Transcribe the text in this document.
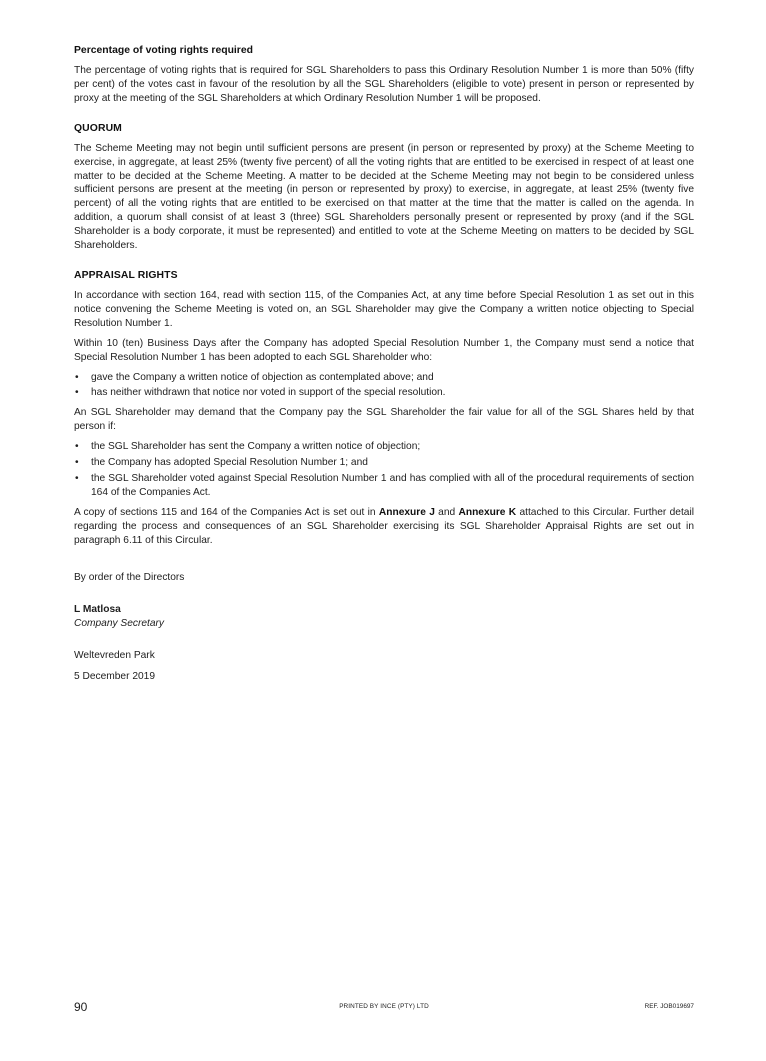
Percentage of voting rights required

The percentage of voting rights that is required for SGL Shareholders to pass this Ordinary Resolution Number 1 is more than 50% (fifty per cent) of the votes cast in favour of the resolution by all the SGL Shareholders (eligible to vote) present in person or represented by proxy at the meeting of the SGL Shareholders at which Ordinary Resolution Number 1 will be proposed.

QUORUM

The Scheme Meeting may not begin until sufficient persons are present (in person or represented by proxy) at the Scheme Meeting to exercise, in aggregate, at least 25% (twenty five percent) of all the voting rights that are entitled to be exercised in respect of at least one matter to be decided at the Scheme Meeting. A matter to be decided at the Scheme Meeting may not begin to be considered unless sufficient persons are present at the meeting (in person or represented by proxy) to exercise, in aggregate, at least 25% (twenty five percent) of all the voting rights that are entitled to be exercised on that matter at the time that the matter is called on the agenda. In addition, a quorum shall consist of at least 3 (three) SGL Shareholders personally present or represented by proxy (and if the SGL Shareholder is a body corporate, it must be represented) and entitled to vote at the Scheme Meeting on matters to be decided by SGL Shareholders.

APPRAISAL RIGHTS

In accordance with section 164, read with section 115, of the Companies Act, at any time before Special Resolution 1 as set out in this notice convening the Scheme Meeting is voted on, an SGL Shareholder may give the Company a written notice objecting to Special Resolution Number 1.

Within 10 (ten) Business Days after the Company has adopted Special Resolution Number 1, the Company must send a notice that Special Resolution Number 1 has been adopted to each SGL Shareholder who:

• gave the Company a written notice of objection as contemplated above; and
• has neither withdrawn that notice nor voted in support of the special resolution.

An SGL Shareholder may demand that the Company pay the SGL Shareholder the fair value for all of the SGL Shares held by that person if:

• the SGL Shareholder has sent the Company a written notice of objection;
• the Company has adopted Special Resolution Number 1; and
• the SGL Shareholder voted against Special Resolution Number 1 and has complied with all of the procedural requirements of section 164 of the Companies Act.

A copy of sections 115 and 164 of the Companies Act is set out in Annexure J and Annexure K attached to this Circular. Further detail regarding the process and consequences of an SGL Shareholder exercising its SGL Shareholder Appraisal Rights are set out in paragraph 6.11 of this Circular.

By order of the Directors
L Matlosa
Company Secretary
Weltevreden Park
5 December 2019
90	PRINTED BY INCE (PTY) LTD	REF. JOB019697
